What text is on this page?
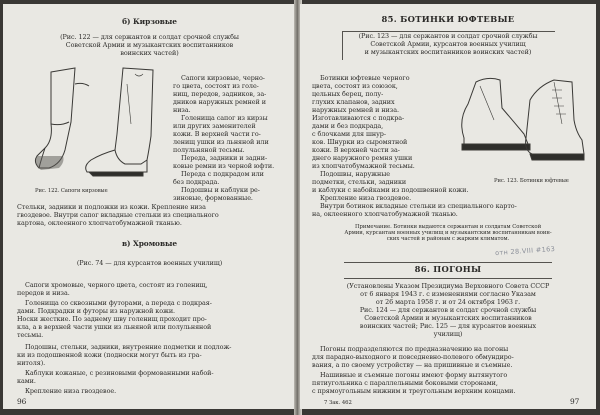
б) Кирзовые
(Рис. 122 — для сержантов и солдат срочной службы
Советской Армии и музыкантских воспитанников
воинских частей)
Рис. 122. Сапоги кирзовые
Сапоги кирзовые, черно-
го цвета, состоят из голе-
нищ, передов, задников, за-
дников наружных ремней и
низа.
Голенища сапог из кирзы
или других заменителей
кожи. В верхней части го-
ленищ ушки из льняной или
полульняной тесьмы.
Переда, задники и задни-
ковые ремни из черной юфти.
Переда с подкрадом или
без подкрада.
Подошвы и каблуки ре-
зиновые, формованные.
Стельки, задники и подложки из кожи. Крепление низа
гвоздевое. Внутри сапог вкладные стельки из специального
картона, оклеенного хлопчатобумажной тканью.
в) Хромовые
(Рис. 74 — для курсантов военных училищ)
Сапоги хромовые, черного цвета, состоят из голенищ,
передов и низа.
Голенища со сквозными футорами, а переда с подкрая-
дами. Подкрадки и футоры из наружной кожи.
Носки жесткие. По заднему шву голенищ проходит про-
кла, а в верхней части ушки из льняной или полульняной
тесьмы.
Подошвы, стельки, задники, внутренние подметки и подлож-
ки из подошвенной кожи (подноски могут быть из гра-
нитоля).
Каблуки кожаные, с резиновыми формованными набой-
ками.
Крепление низа гвоздевое.
96
85. БОТИНКИ ЮФТЕВЫЕ
(Рис. 123 — для сержантов и солдат срочной службы
Советской Армии, курсантов военных училищ
и музыкантских воспитанников воинских частей)
Ботинки юфтевые черного
цвета, состоят из союзок,
цельных берец, полу-
глухих клапанов, задних
наружных ремней и низа.
Изготавливаются с подкра-
дами и без подкрада,
с блочками для шнур-
ков. Шнурки из сыромятной
кожи. В верхней части за-
днего наружного ремня ушки
из хлопчатобумажной тесьмы.
Подошвы, наружные
подметки, стельки, задники
и каблуки с набойками из подошвенной кожи.
Крепление низа гвоздевое.
Внутри ботинок вкладные стельки из специального карто-
на, оклеенного хлопчатобумажной тканью.
Рис. 123. Ботинки юфтевые
Примечание. Ботинки выдаются сержантам и солдатам Советской
Армии, курсантам военных училищ и музыкантским воспитанникам воин-
ских частей и районам с жарким климатом.
отн 28.VIII #163
86. ПОГОНЫ
(Установлены Указом Президиума Верховного Совета СССР
от 6 января 1943 г. с изменениями согласно Указам
от 26 марта 1958 г. и от 24 октября 1963 г.
Рис. 124 — для сержантов и солдат срочной службы
Советской Армии и музыкантских воспитанников
воинских частей; Рис. 125 — для курсантов военных
училищ)
Погоны подразделяются по предназначению на погоны
для парадно-выходного и повседневно-полевого обмундиро-
вания, а по своему устройству — на пришивные и съемные.
Нашивные и съемные погоны имеют форму вытянутого
пятиугольника с параллельными боковыми сторонами,
с прямоугольным нижним и треугольным верхним концами.
7 Зак. 462	97
